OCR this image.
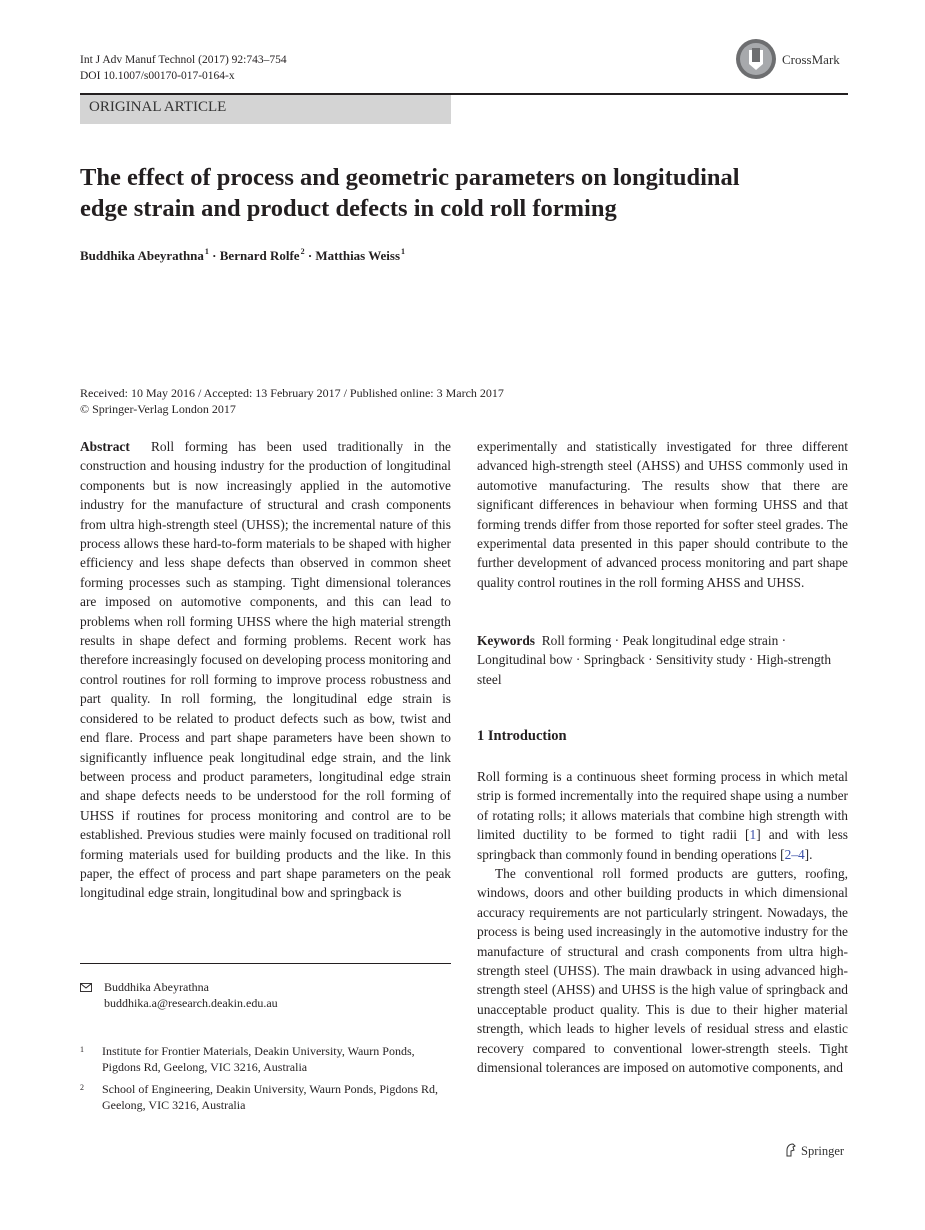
Int J Adv Manuf Technol (2017) 92:743–754
DOI 10.1007/s00170-017-0164-x
CrossMark
ORIGINAL ARTICLE
The effect of process and geometric parameters on longitudinal
edge strain and product defects in cold roll forming
Buddhika Abeyrathna$^1$ · Bernard Rolfe$^2$ · Matthias Weiss$^1$
Received: 10 May 2016 / Accepted: 13 February 2017 / Published online: 3 March 2017
© Springer-Verlag London 2017
Abstract Roll forming has been used traditionally in the construction and housing industry for the production of longitudinal components but is now increasingly applied in the automotive industry for the manufacture of structural and crash components from ultra high-strength steel (UHSS); the incremental nature of this process allows these hard-to-form materials to be shaped with higher efficiency and less shape defects than observed in common sheet forming processes such as stamping. Tight dimensional tolerances are imposed on automotive components, and this can lead to problems when roll forming UHSS where the high material strength results in shape defect and forming problems. Recent work has therefore increasingly focused on developing process monitoring and control routines for roll forming to improve process robustness and part quality. In roll forming, the longitudinal edge strain is considered to be related to product defects such as bow, twist and end flare. Process and part shape parameters have been shown to significantly influence peak longitudinal edge strain, and the link between process and product parameters, longitudinal edge strain and shape defects needs to be understood for the roll forming of UHSS if routines for process monitoring and control are to be established. Previous studies were mainly focused on traditional roll forming materials used for building products and the like. In this paper, the effect of process and part shape parameters on the peak longitudinal edge strain, longitudinal bow and springback is
experimentally and statistically investigated for three different advanced high-strength steel (AHSS) and UHSS commonly used in automotive manufacturing. The results show that there are significant differences in behaviour when forming UHSS and that forming trends differ from those reported for softer steel grades. The experimental data presented in this paper should contribute to the further development of advanced process monitoring and part shape quality control routines in the roll forming AHSS and UHSS.
Keywords Roll forming · Peak longitudinal edge strain · Longitudinal bow · Springback · Sensitivity study · High-strength steel
1 Introduction

Roll forming is a continuous sheet forming process in which metal strip is formed incrementally into the required shape using a number of rotating rolls; it allows materials that combine high strength with limited ductility to be formed to tight radii [1] and with less springback than commonly found in bending operations [2–4].

The conventional roll formed products are gutters, roofing, windows, doors and other building products in which dimensional accuracy requirements are not particularly stringent. Nowadays, the process is being used increasingly in the automotive industry for the manufacture of structural and crash components from ultra high-strength steel (UHSS). The main drawback in using advanced high-strength steel (AHSS) and UHSS is the high value of springback and unacceptable product quality. This is due to their higher material strength, which leads to higher levels of residual stress and elastic recovery compared to conventional lower-strength steels. Tight dimensional tolerances are imposed on automotive components, and

Buddhika Abeyrathna
buddhika.a@research.deakin.edu.au
1 Institute for Frontier Materials, Deakin University, Waurn Ponds, Pigdons Rd, Geelong, VIC 3216, Australia
2 School of Engineering, Deakin University, Waurn Ponds, Pigdons Rd, Geelong, VIC 3216, Australia
Springer
